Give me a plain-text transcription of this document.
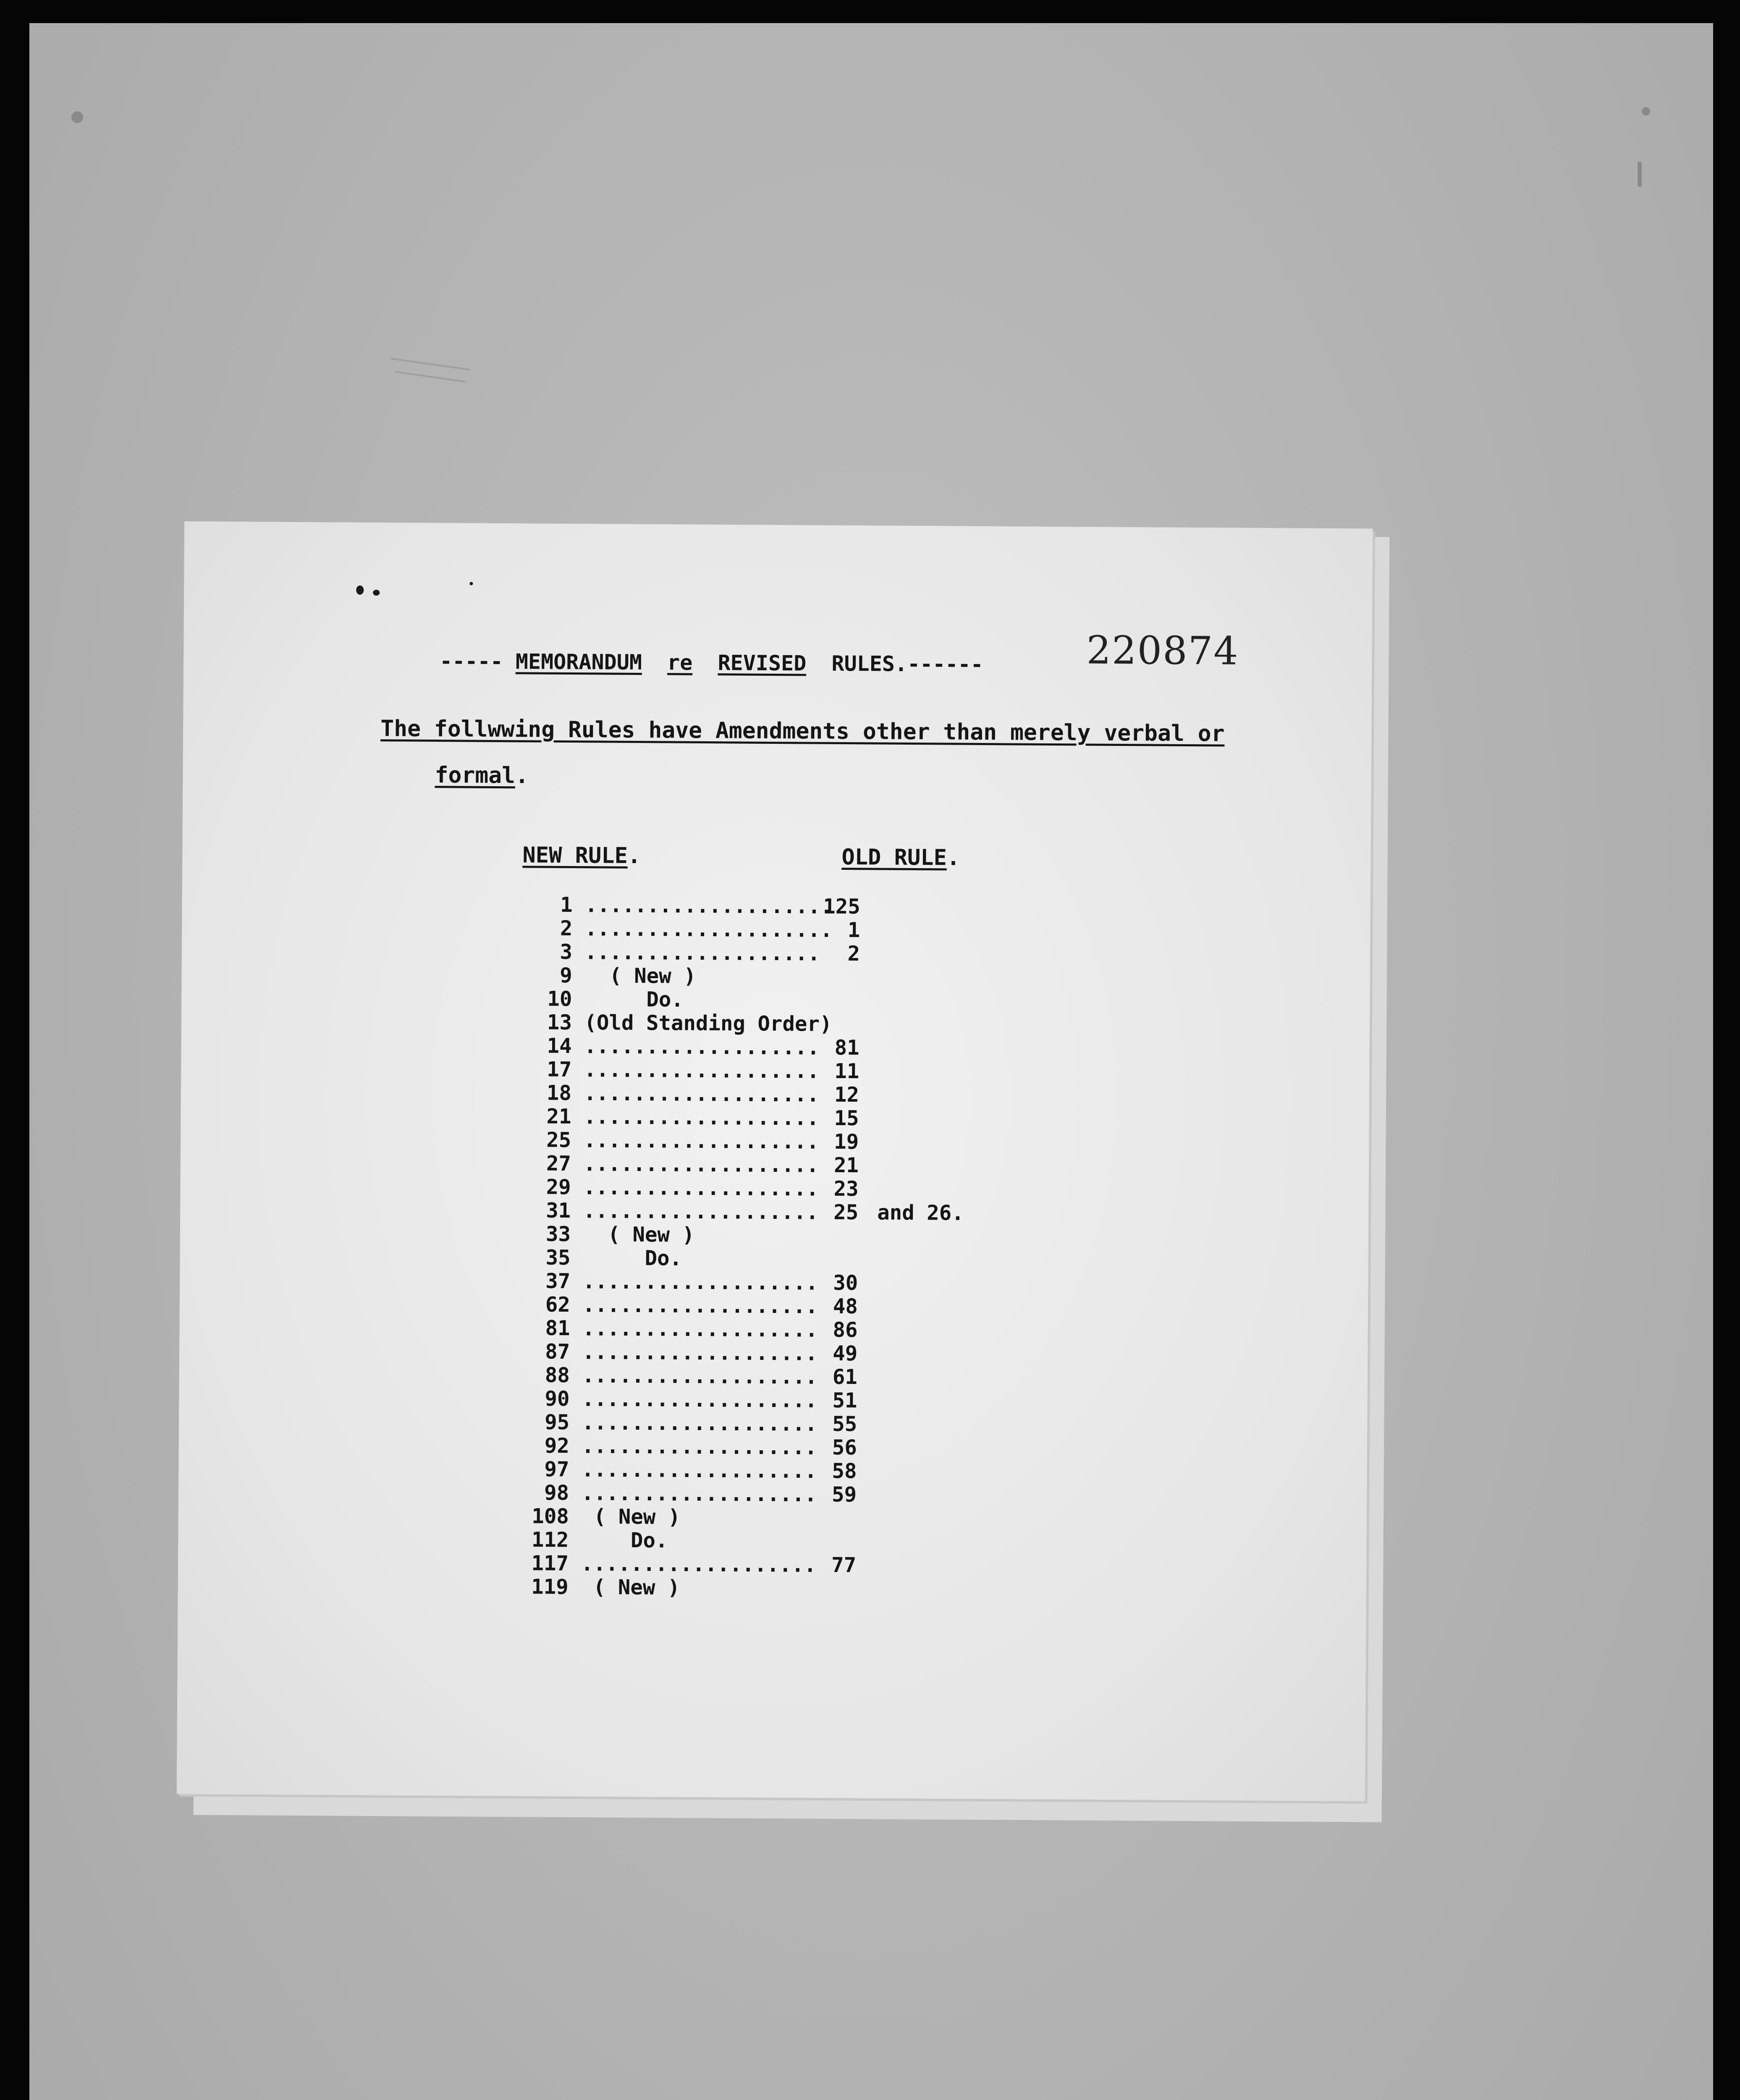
220874
----- MEMORANDUM re REVISED RULES.------
The follwwing Rules have Amendments other than merely verbal or
formal.
NEW RULE.	OLD RULE.
1 ....................
125
2 .................... 1
3 ...................	2
9   ( New )
10      Do.
13 (Old Standing Order)
14 ................... 81
17 ................... 11
18 ................... 12
21 ................... 15
25 ................... 19
27 ................... 21
29 ................... 23
31 ................... 25 and 26.
33   ( New )
35      Do.
37 ................... 30
62 ................... 48
81 ................... 86
87 ................... 49
88 ................... 61
90 ................... 51
95 ................... 55
92 ................... 56
97 ................... 58
98 ................... 59
108  ( New )
112     Do.
117 ................... 77
119  ( New )
